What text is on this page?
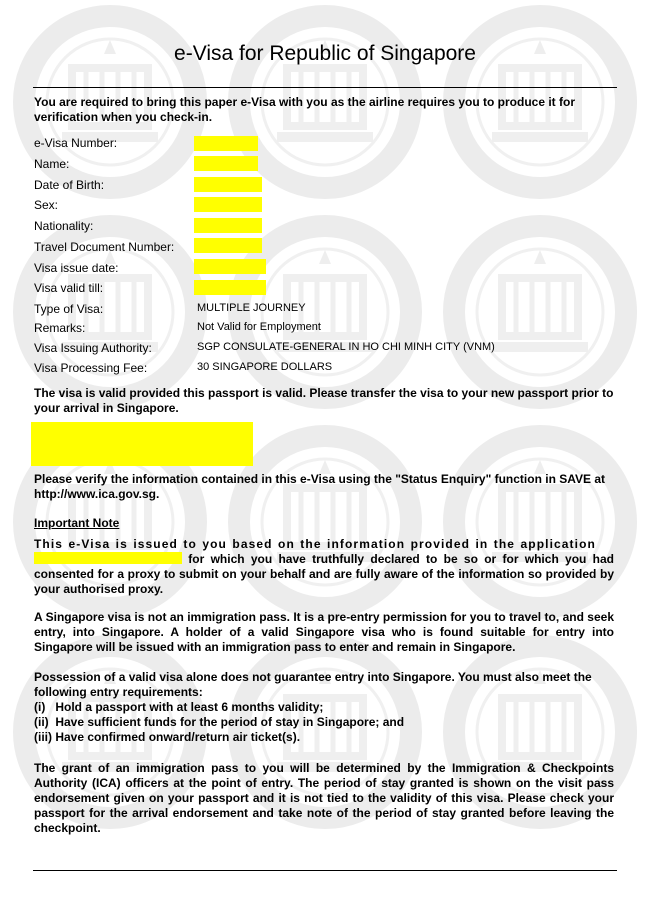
e-Visa for Republic of Singapore
You are required to bring this paper e-Visa with you as the airline requires you to produce it for verification when you check-in.
e-Visa Number:
Name:
Date of Birth:
Sex:
Nationality:
Travel Document Number:
Visa issue date:
Visa valid till:
Type of Visa:
Remarks:
Visa Issuing Authority:
Visa Processing Fee:
MULTIPLE JOURNEY
Not Valid for Employment
SGP CONSULATE-GENERAL IN HO CHI MINH CITY (VNM)
30 SINGAPORE DOLLARS
The visa is valid provided this passport is valid. Please transfer the visa to your new passport prior to your arrival in Singapore.
Please verify the information contained in this e-Visa using the "Status Enquiry" function in SAVE at http://www.ica.gov.sg.
Important Note
This e-Visa is issued to you based on the information provided in the application
for which you have truthfully declared to be so or for which you had consented for a proxy to submit on your behalf and are fully aware of the information so provided by your authorised proxy.
A Singapore visa is not an immigration pass. It is a pre-entry permission for you to travel to, and seek entry, into Singapore. A holder of a valid Singapore visa who is found suitable for entry into Singapore will be issued with an immigration pass to enter and remain in Singapore.
Possession of a valid visa alone does not guarantee entry into Singapore. You must also meet the following entry requirements:
(i)   Hold a passport with at least 6 months validity;
(ii)  Have sufficient funds for the period of stay in Singapore; and
(iii) Have confirmed onward/return air ticket(s).
The grant of an immigration pass to you will be determined by the Immigration & Checkpoints Authority (ICA) officers at the point of entry. The period of stay granted is shown on the visit pass endorsement given on your passport and it is not tied to the validity of this visa. Please check your passport for the arrival endorsement and take note of the period of stay granted before leaving the checkpoint.
